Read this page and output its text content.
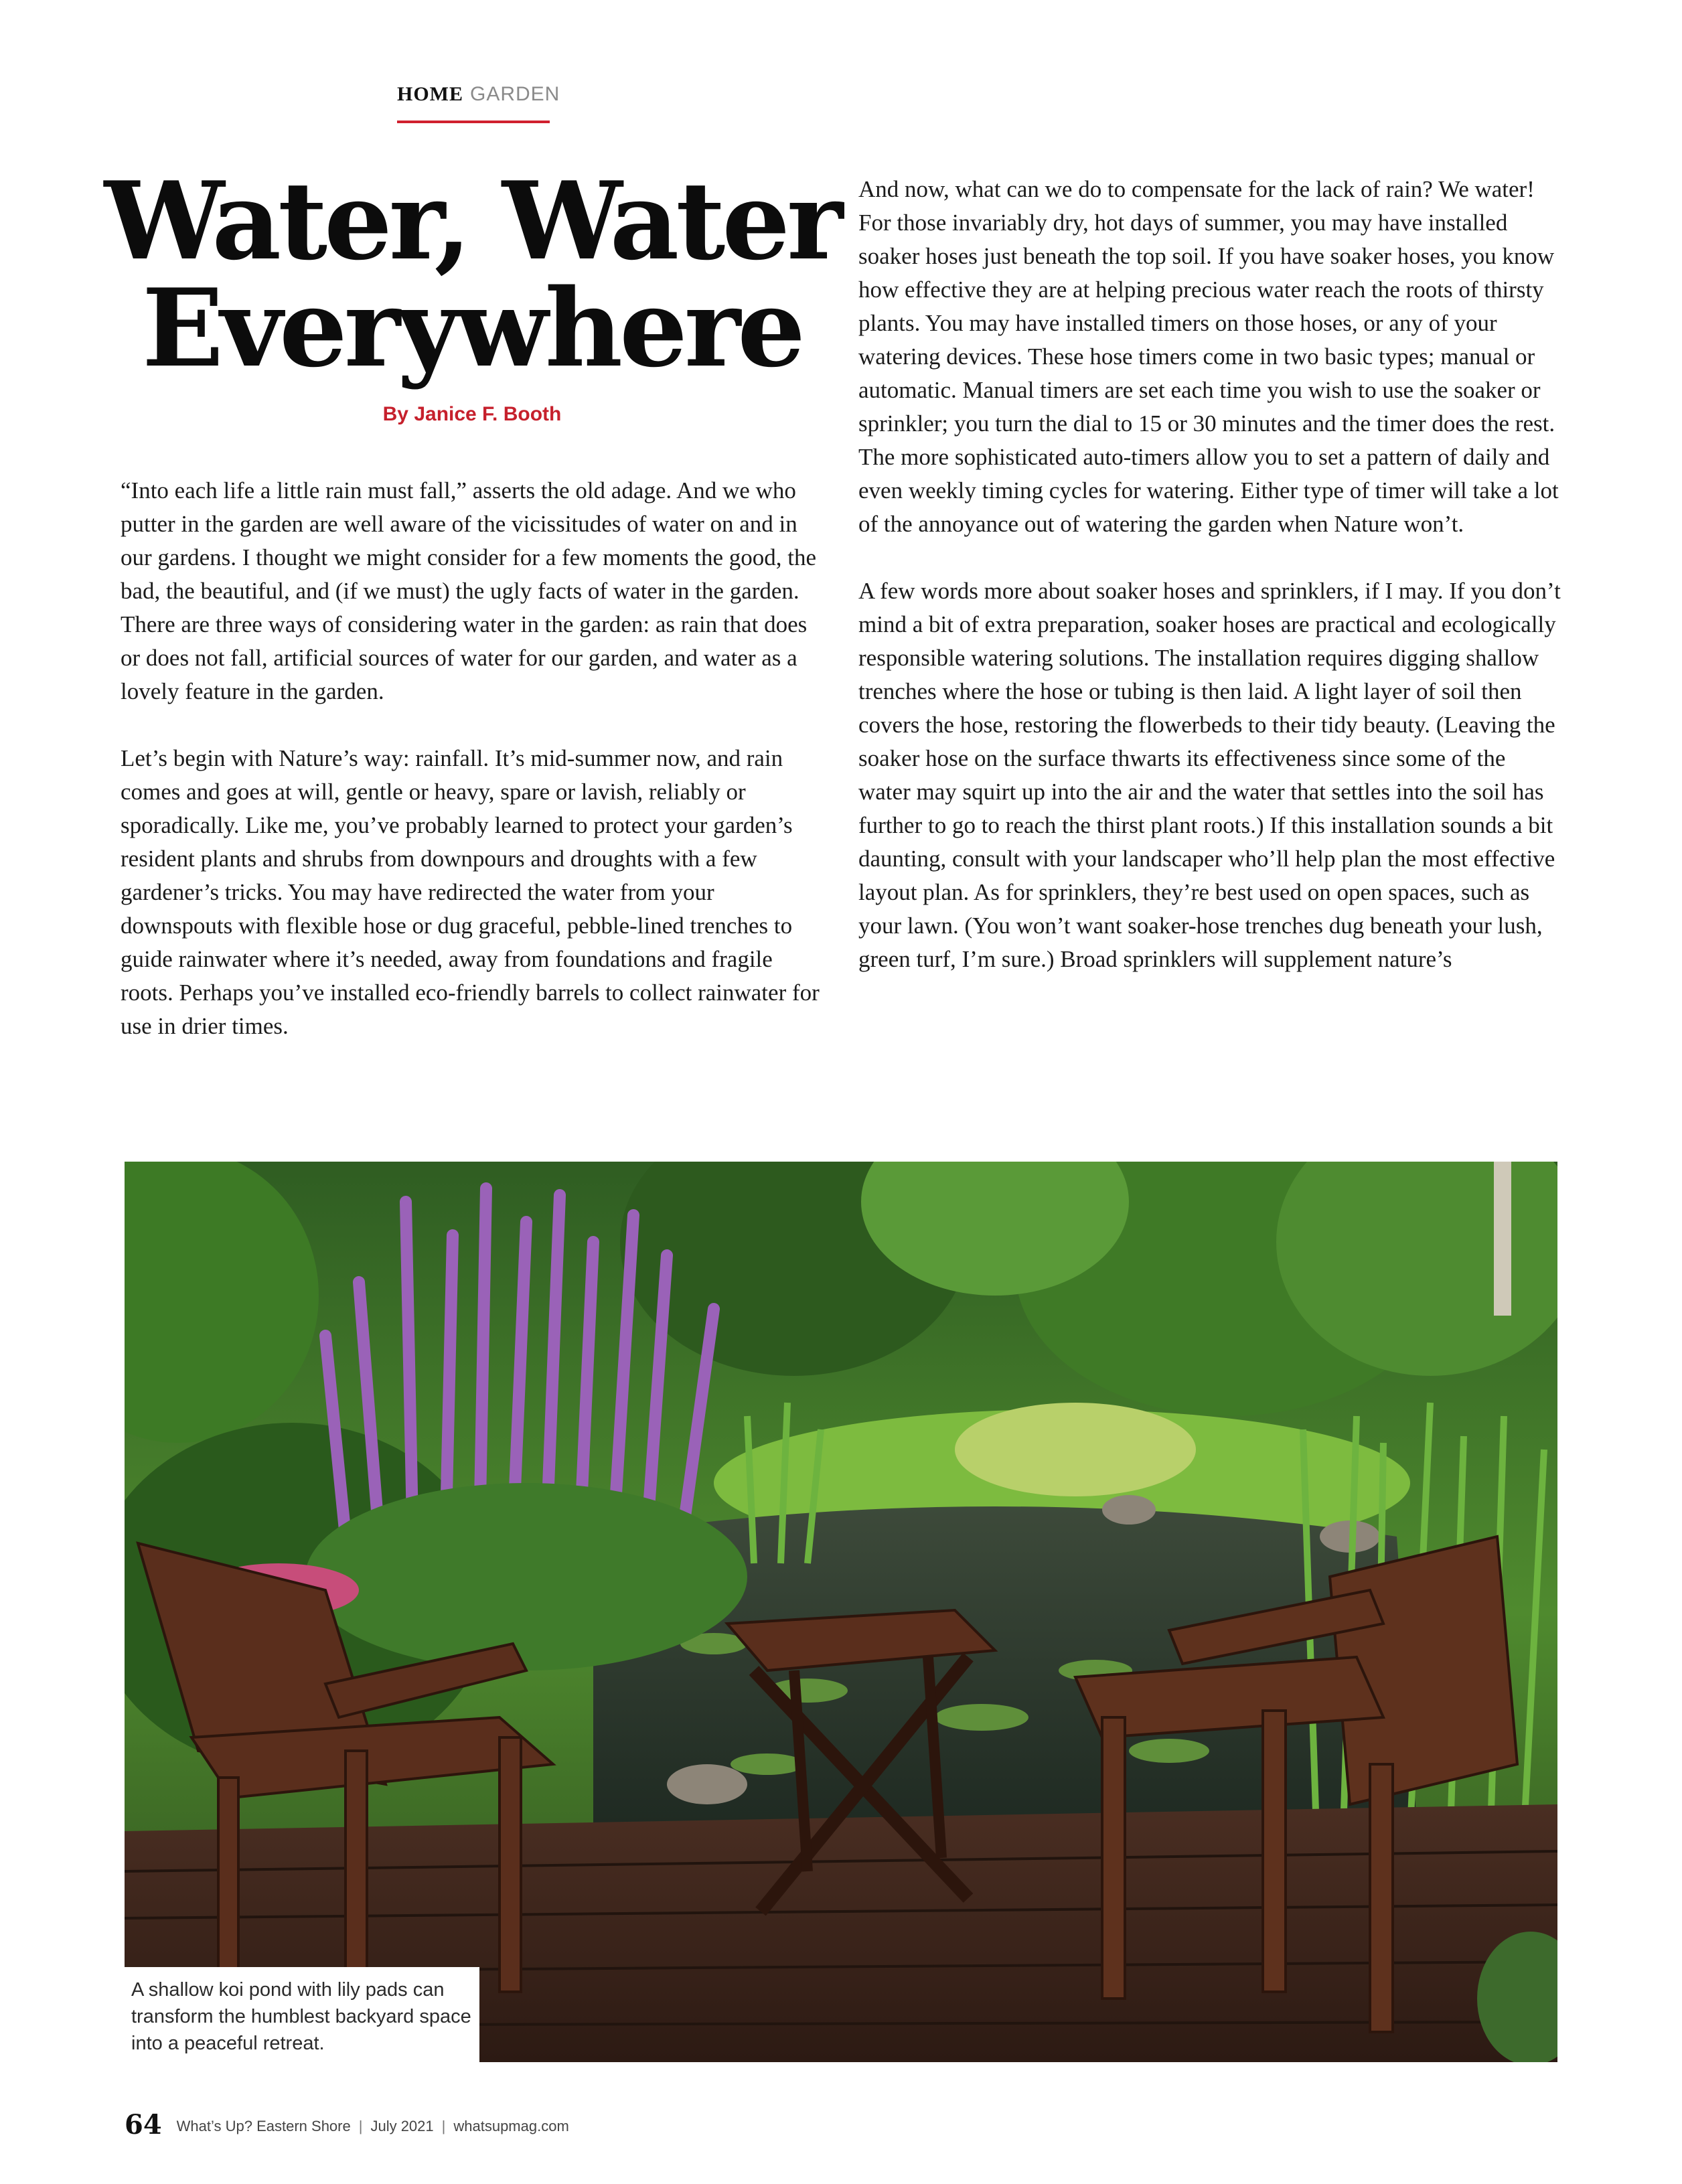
HOME GARDEN
Water, Water
Everywhere
By Janice F. Booth

“Into each life a little rain must fall,” asserts the old adage. And we who putter in the garden are well aware of the vicissitudes of water on and in our gardens. I thought we might consider for a few moments the good, the bad, the beautiful, and (if we must) the ugly facts of water in the garden. There are three ways of considering water in the garden: as rain that does or does not fall, artificial sources of water for our garden, and water as a lovely feature in the garden.

Let’s begin with Nature’s way: rainfall. It’s mid-summer now, and rain comes and goes at will, gentle or heavy, spare or lavish, reliably or sporadically. Like me, you’ve probably learned to protect your garden’s resident plants and shrubs from downpours and droughts with a few gardener’s tricks. You may have redirected the water from your downspouts with flexible hose or dug graceful, pebble-lined trenches to guide rainwater where it’s needed, away from foundations and fragile roots. Perhaps you’ve installed eco-friendly barrels to collect rainwater for use in drier times.

And now, what can we do to compensate for the lack of rain? We water! For those invariably dry, hot days of summer, you may have installed soaker hoses just beneath the top soil. If you have soaker hoses, you know how effective they are at helping precious water reach the roots of thirsty plants. You may have installed timers on those hoses, or any of your watering devices. These hose timers come in two basic types; manual or automatic. Manual timers are set each time you wish to use the soaker or sprinkler; you turn the dial to 15 or 30 minutes and the timer does the rest. The more sophisticated auto-timers allow you to set a pattern of daily and even weekly timing cycles for watering. Either type of timer will take a lot of the annoyance out of watering the garden when Nature won’t.

A few words more about soaker hoses and sprinklers, if I may. If you don’t mind a bit of extra preparation, soaker hoses are practical and ecologically responsible watering solutions. The installation requires digging shallow trenches where the hose or tubing is then laid. A light layer of soil then covers the hose, restoring the flowerbeds to their tidy beauty. (Leaving the soaker hose on the surface thwarts its effectiveness since some of the water may squirt up into the air and the water that settles into the soil has further to go to reach the thirst plant roots.) If this installation sounds a bit daunting, consult with your landscaper who’ll help plan the most effective layout plan. As for sprinklers, they’re best used on open spaces, such as your lawn. (You won’t want soaker-hose trenches dug beneath your lush, green turf, I’m sure.) Broad sprinklers will supplement nature’s

A shallow koi pond with lily pads can transform the humblest backyard space into a peaceful retreat.

64 What’s Up? Eastern Shore | July 2021 | whatsupmag.com
